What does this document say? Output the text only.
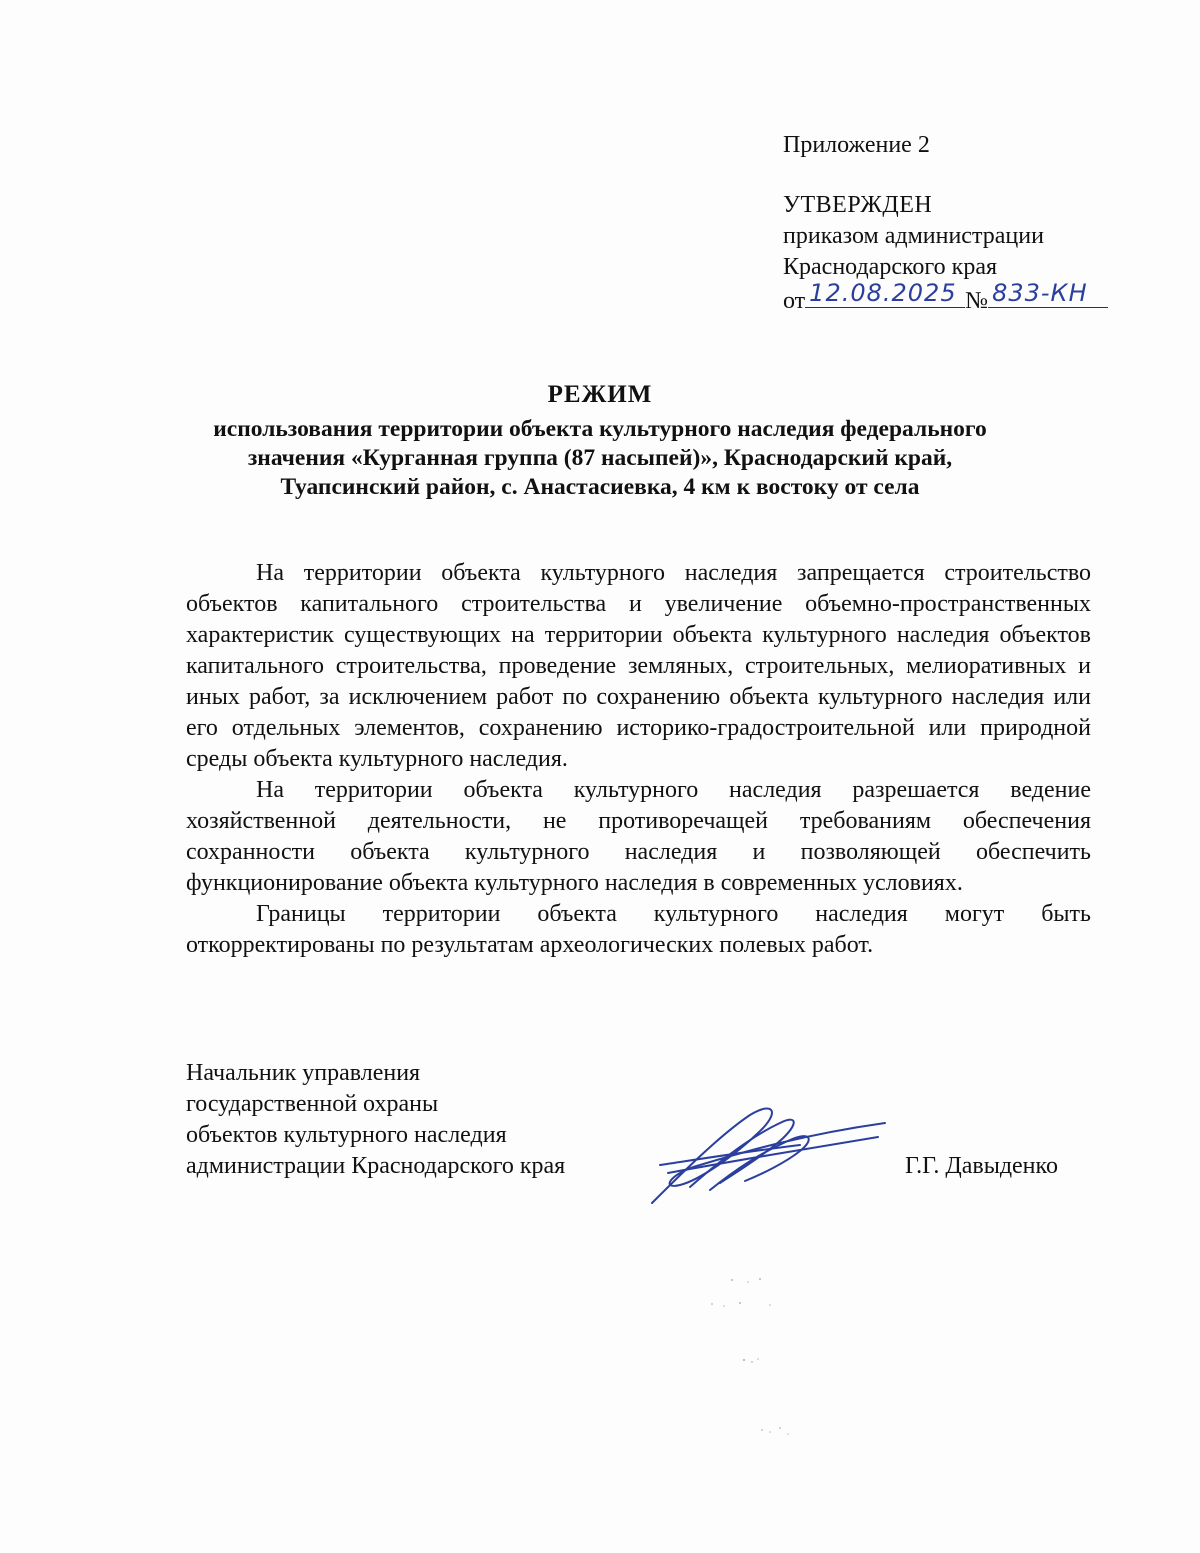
Приложение 2
УТВЕРЖДЕН
приказом администрации
Краснодарского края
от 12.08.2025 № 833-КН
РЕЖИМ
использования территории объекта культурного наследия федерального
значения «Курганная группа (87 насыпей)», Краснодарский край,
Туапсинский район, с. Анастасиевка, 4 км к востоку от села

На территории объекта культурного наследия запрещается строительство объектов капитального строительства и увеличение объемно-пространственных характеристик существующих на территории объекта культурного наследия объектов капитального строительства, проведение земляных, строительных, мелиоративных и иных работ, за исключением работ по сохранению объекта культурного наследия или его отдельных элементов, сохранению историко-градостроительной или природной среды объекта культурного наследия.

На территории объекта культурного наследия разрешается ведение хозяйственной деятельности, не противоречащей требованиям обеспечения сохранности объекта культурного наследия и позволяющей обеспечить функционирование объекта культурного наследия в современных условиях.

Границы территории объекта культурного наследия могут быть откорректированы по результатам археологических полевых работ.

Начальник управления
государственной охраны
объектов культурного наследия
администрации Краснодарского края	Г.Г. Давыденко
